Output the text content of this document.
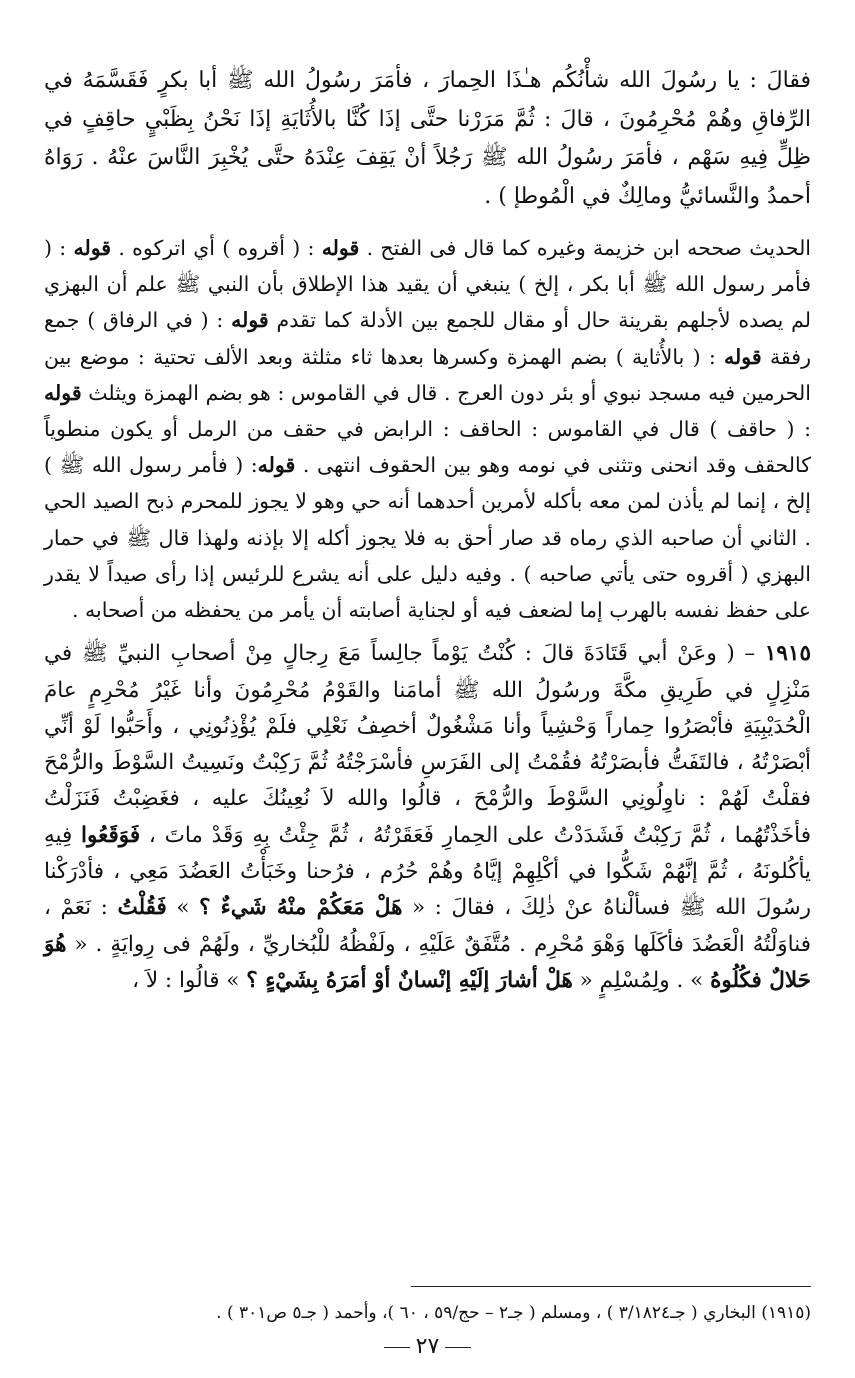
فقالَ : يا رسُولَ الله شأْنُكُم هـٰذَا الحِمارَ ، فأمَرَ رسُولُ الله ﷺ أبا بكرٍ فَقَسَّمَهُ في الرِّفاقِ وهُمْ مُحْرِمُونَ ، قالَ : ثُمَّ مَرَرْنا حتَّى إذَا كُنَّا بالأُثَايَةِ إذَا نَحْنُ بِظَبْيٍ حاقِفٍ في ظِلٍّ فِيهِ سَهْم ، فأمَرَ رسُولُ الله ﷺ رَجُلاً أنْ يَقِفَ عِنْدَهُ حتَّى يُخْبِرَ النَّاسَ عنْهُ . رَوَاهُ أحمدُ والنَّسائيُّ ومالِكٌ في الْمُوطإ ) .

الحديث صححه ابن خزيمة وغيره كما قال فى الفتح . قوله : ( أقروه ) أي اتركوه . قوله : ( فأمر رسول الله ﷺ أبا بكر ، إلخ ) ينبغي أن يقيد هذا الإطلاق بأن النبي ﷺ علم أن البهزي لم يصده لأجلهم بقرينة حال أو مقال للجمع بين الأدلة كما تقدم قوله : ( في الرفاق ) جمع رفقة قوله : ( بالأُثاية ) بضم الهمزة وكسرها بعدها ثاء مثلثة وبعد الألف تحتية : موضع بين الحرمين فيه مسجد نبوي أو بئر دون العرج . قال في القاموس : هو بضم الهمزة ويثلث قوله : ( حاقف ) قال في القاموس : الحاقف : الرابض في حقف من الرمل أو يكون منطوياً كالحقف وقد انحنى وتثنى في نومه وهو بين الحقوف انتهى . قوله: ( فأمر رسول الله ﷺ ) إلخ ، إنما لم يأذن لمن معه بأكله لأمرين أحدهما أنه حي وهو لا يجوز للمحرم ذبح الصيد الحي . الثاني أن صاحبه الذي رماه قد صار أحق به فلا يجوز أكله إلا بإذنه ولهذا قال ﷺ في حمار البهزي ( أقروه حتى يأتي صاحبه ) . وفيه دليل على أنه يشرع للرئيس إذا رأى صيداً لا يقدر على حفظ نفسه بالهرب إما لضعف فيه أو لجناية أصابته أن يأمر من يحفظه من أصحابه .

١٩١٥ – ( وعَنْ أبي قَتَادَةَ قالَ : كُنْتُ يَوْماً جالِساً مَعَ رِجالٍ مِنْ أصحابِ النبيِّ ﷺ في مَنْزِلٍ في طَرِيقِ مكَّةَ ورسُولُ الله ﷺ أمامَنا والقَوْمُ مُحْرِمُونَ وأنا غَيْرُ مُحْرِمٍ عامَ الْحُدَيْبِيَةِ فأبْصَرُوا حِماراً وَحْشِياً وأنا مَشْغُولٌ أخصِفُ نَعْلِي فلَمْ يُؤْذِنُونِي ، وأَحَبُّوا لَوْ أنِّي أبْصَرْتُهُ ، فالتَفَتُّ فأبصَرْتُهُ فقُمْتُ إلى الفَرَسِ فأسْرَجْتُهُ ثُمَّ رَكِبْتُ ونَسِيتُ السَّوْطَ والرُّمْحَ فقلْتُ لَهُمْ : ناوِلُونِي السَّوْطَ والرُّمْحَ ، قالُوا والله لاَ نُعِينُكَ عليه ، فغَضِبْتُ فَنَزَلْتُ فأخَذْتُهُما ، ثُمَّ رَكِبْتُ فَشَدَدْتُ على الحِمارِ فَعَقَرْتُهُ ، ثُمَّ جِئْتُ بِهِ وَقَدْ ماتَ ، فَوَقَعُوا فِيهِ يأكُلونَهُ ، ثُمَّ إنَّهُمْ شَكُّوا في أكْلِهِمْ إيَّاهُ وهُمْ حُرُم ، فرُحنا وخَبَأْتُ العَضُدَ مَعِي ، فأدْرَكْنا رسُولَ الله ﷺ فسألْناهُ عنْ ذٰلِكَ ، فقالَ : « هَلْ مَعَكُمْ منْهُ شَيءٌ ؟ » فَقُلْتُ : نَعَمْ ، فناوَلْتُهُ الْعَضُدَ فأكَلَها وَهْوَ مُحْرِم . مُتَّفَقٌ عَلَيْهِ ، ولَفْظُهُ للْبُخاريِّ ، ولَهُمْ فى رِوايَةٍ . « هُوَ حَلالٌ فكُلُوهُ » . ولِمُسْلِمٍ « هَلْ أشارَ إلَيْهِ إنْسانٌ أوْ أمَرَهُ بِشَيْءٍ ؟ » قالُوا : لاَ ،

(١٩١٥) البخاري ( جـ٣/١٨٢٤ ) ، ومسلم ( جـ٢ – حج/٥٩ ، ٦٠ )، وأحمد ( جـ٥ ص٣٠١ ) .
٢٧
